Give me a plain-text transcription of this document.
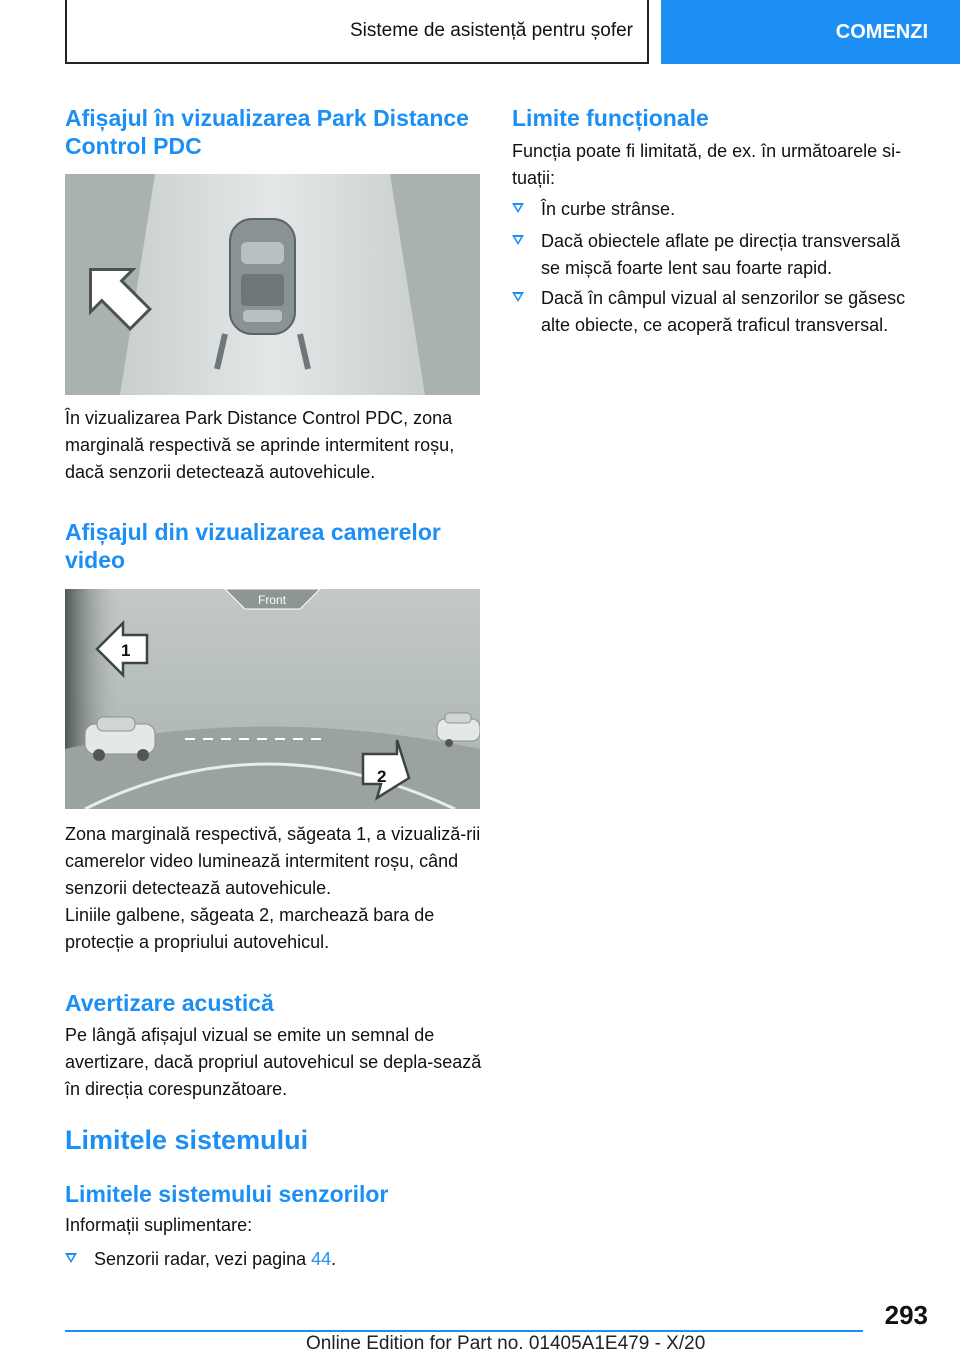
Sisteme de asistență pentru șofer	COMENZI
Afișajul în vizualizarea Park Distance Control PDC

În vizualizarea Park Distance Control PDC, zona marginală respectivă se aprinde intermitent roșu, dacă senzorii detectează autovehicule.

Afișajul din vizualizarea camerelor video
Front
1
2

Zona marginală respectivă, săgeata 1, a vizualiză-rii camerelor video luminează intermitent roșu, când senzorii detectează autovehicule.

Liniile galbene, săgeata 2, marchează bara de protecție a propriului autovehicul.

Avertizare acustică

Pe lângă afișajul vizual se emite un semnal de avertizare, dacă propriul autovehicul se depla-sează în direcția corespunzătoare.

Limitele sistemului
Limitele sistemului senzorilor

Informații suplimentare:

Senzorii radar, vezi pagina 44.
Limite funcționale

Funcția poate fi limitată, de ex. în următoarele si-tuații:

În curbe strânse.
Dacă obiectele aflate pe direcția transversală se mișcă foarte lent sau foarte rapid.
Dacă în câmpul vizual al senzorilor se găsesc alte obiecte, ce acoperă traficul transversal.
293
Online Edition for Part no. 01405A1E479 - X/20
